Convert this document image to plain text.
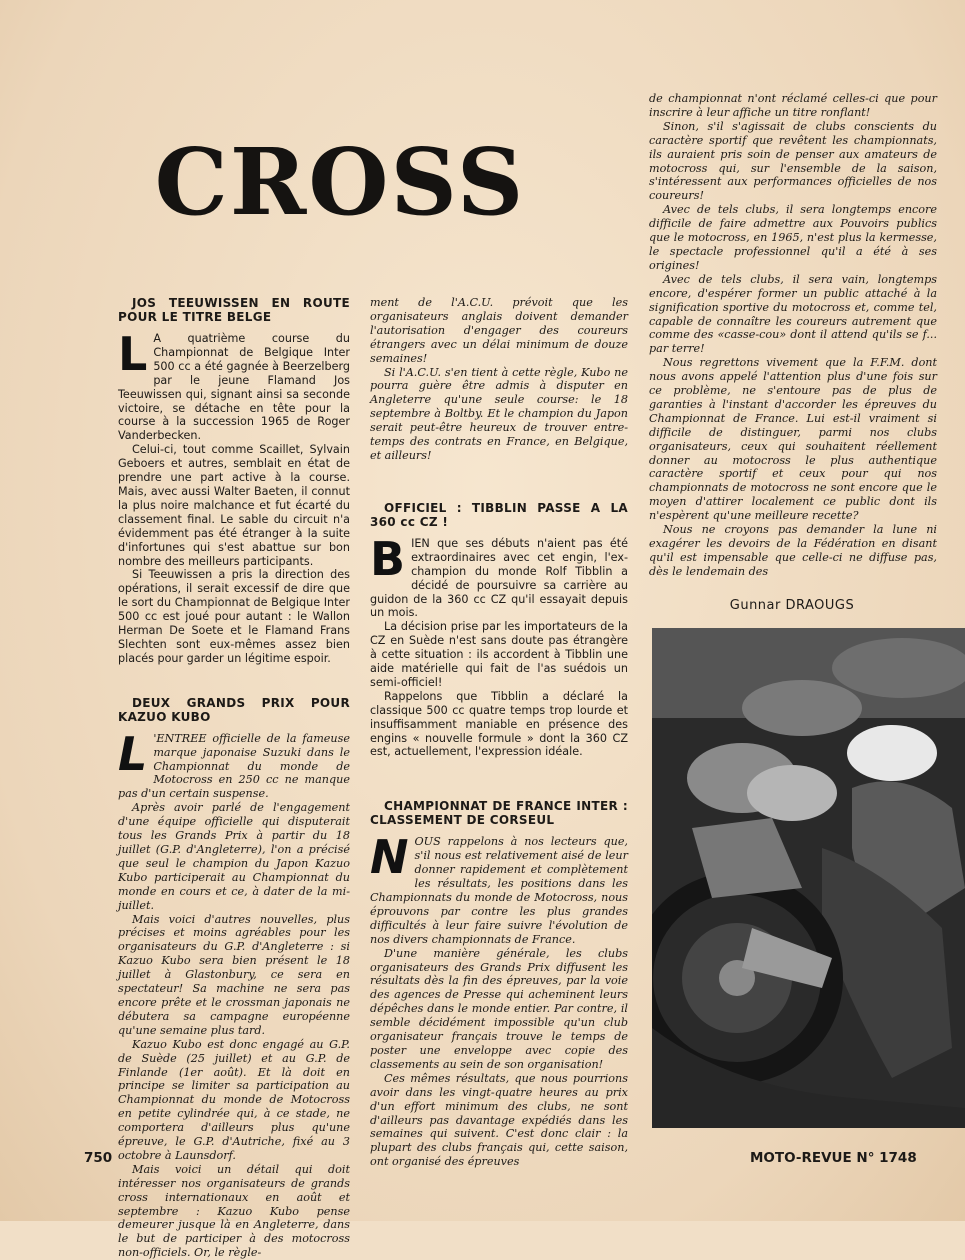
CROSS

JOS TEEUWISSEN EN ROUTE POUR LE TITRE BELGE

L A quatrième course du Championnat de Belgique Inter 500 cc a été gagnée à Beerzelberg par le jeune Flamand Jos Teeuwissen qui, signant ainsi sa seconde victoire, se détache en tête pour la course à la succession 1965 de Roger Vanderbecken.

Celui-ci, tout comme Scaillet, Sylvain Geboers et autres, semblait en état de prendre une part active à la course. Mais, avec aussi Walter Baeten, il connut la plus noire malchance et fut écarté du classement final. Le sable du circuit n'a évidemment pas été étranger à la suite d'infortunes qui s'est abattue sur bon nombre des meilleurs participants.

Si Teeuwissen a pris la direction des opérations, il serait excessif de dire que le sort du Championnat de Belgique Inter 500 cc est joué pour autant : le Wallon Herman De Soete et le Flamand Frans Slechten sont eux-mêmes assez bien placés pour garder un légitime espoir.

DEUX GRANDS PRIX POUR KAZUO KUBO

L 'ENTREE officielle de la fameuse marque japonaise Suzuki dans le Championnat du monde de Motocross en 250 cc ne manque pas d'un certain suspense.

Après avoir parlé de l'engagement d'une équipe officielle qui disputerait tous les Grands Prix à partir du 18 juillet (G.P. d'Angleterre), l'on a précisé que seul le champion du Japon Kazuo Kubo participerait au Championnat du monde en cours et ce, à dater de la mi-juillet.

Mais voici d'autres nouvelles, plus précises et moins agréables pour les organisateurs du G.P. d'Angleterre : si Kazuo Kubo sera bien présent le 18 juillet à Glastonbury, ce sera en spectateur! Sa machine ne sera pas encore prête et le crossman japonais ne débutera sa campagne européenne qu'une semaine plus tard.

Kazuo Kubo est donc engagé au G.P. de Suède (25 juillet) et au G.P. de Finlande (1er août). Et là doit en principe se limiter sa participation au Championnat du monde de Motocross en petite cylindrée qui, à ce stade, ne comportera d'ailleurs plus qu'une épreuve, le G.P. d'Autriche, fixé au 3 octobre à Launsdorf.

Mais voici un détail qui doit intéresser nos organisateurs de grands cross internationaux en août et septembre : Kazuo Kubo pense demeurer jusque là en Angleterre, dans le but de participer à des motocross non-officiels. Or, le règle-

ment de l'A.C.U. prévoit que les organisateurs anglais doivent demander l'autorisation d'engager des coureurs étrangers avec un délai minimum de douze semaines!

Si l'A.C.U. s'en tient à cette règle, Kubo ne pourra guère être admis à disputer en Angleterre qu'une seule course: le 18 septembre à Boltby. Et le champion du Japon serait peut-être heureux de trouver entre-temps des contrats en France, en Belgique, et ailleurs!

OFFICIEL : TIBBLIN PASSE A LA 360 cc CZ !

B IEN que ses débuts n'aient pas été extraordinaires avec cet engin, l'ex-champion du monde Rolf Tibblin a décidé de poursuivre sa carrière au guidon de la 360 cc CZ qu'il essayait depuis un mois.

La décision prise par les importateurs de la CZ en Suède n'est sans doute pas étrangère à cette situation : ils accordent à Tibblin une aide matérielle qui fait de l'as suédois un semi-officiel!

Rappelons que Tibblin a déclaré la classique 500 cc quatre temps trop lourde et insuffisamment maniable en présence des engins « nouvelle formule » dont la 360 CZ est, actuellement, l'expression idéale.

CHAMPIONNAT DE FRANCE INTER : CLASSEMENT DE CORSEUL

N OUS rappelons à nos lecteurs que, s'il nous est relativement aisé de leur donner rapidement et complètement les résultats, les positions dans les Championnats du monde de Motocross, nous éprouvons par contre les plus grandes difficultés à leur faire suivre l'évolution de nos divers championnats de France.

D'une manière générale, les clubs organisateurs des Grands Prix diffusent les résultats dès la fin des épreuves, par la voie des agences de Presse qui acheminent leurs dépêches dans le monde entier. Par contre, il semble décidément impossible qu'un club organisateur français trouve le temps de poster une enveloppe avec copie des classements au sein de son organisation!

Ces mêmes résultats, que nous pourrions avoir dans les vingt-quatre heures au prix d'un effort minimum des clubs, ne sont d'ailleurs pas davantage expédiés dans les semaines qui suivent. C'est donc clair : la plupart des clubs français qui, cette saison, ont organisé des épreuves

de championnat n'ont réclamé celles-ci que pour inscrire à leur affiche un titre ronflant!

Sinon, s'il s'agissait de clubs conscients du caractère sportif que revêtent les championnats, ils auraient pris soin de penser aux amateurs de motocross qui, sur l'ensemble de la saison, s'intéressent aux performances officielles de nos coureurs!

Avec de tels clubs, il sera longtemps encore difficile de faire admettre aux Pouvoirs publics que le motocross, en 1965, n'est plus la kermesse, le spectacle professionnel qu'il a été à ses origines!

Avec de tels clubs, il sera vain, longtemps encore, d'espérer former un public attaché à la signification sportive du motocross et, comme tel, capable de connaître les coureurs autrement que comme des «casse-cou» dont il attend qu'ils se f... par terre!

Nous regrettons vivement que la F.F.M. dont nous avons appelé l'attention plus d'une fois sur ce problème, ne s'entoure pas de plus de garanties à l'instant d'accorder les épreuves du Championnat de France. Lui est-il vraiment si difficile de distinguer, parmi nos clubs organisateurs, ceux qui souhaitent réellement donner au motocross le plus authentique caractère sportif et ceux pour qui nos championnats de motocross ne sont encore que le moyen d'attirer localement ce public dont ils n'espèrent qu'une meilleure recette?

Nous ne croyons pas demander la lune ni exagérer les devoirs de la Fédération en disant qu'il est impensable que celle-ci ne diffuse pas, dès le lendemain des

Gunnar DRAOUGS
750	MOTO-REVUE N° 1748
